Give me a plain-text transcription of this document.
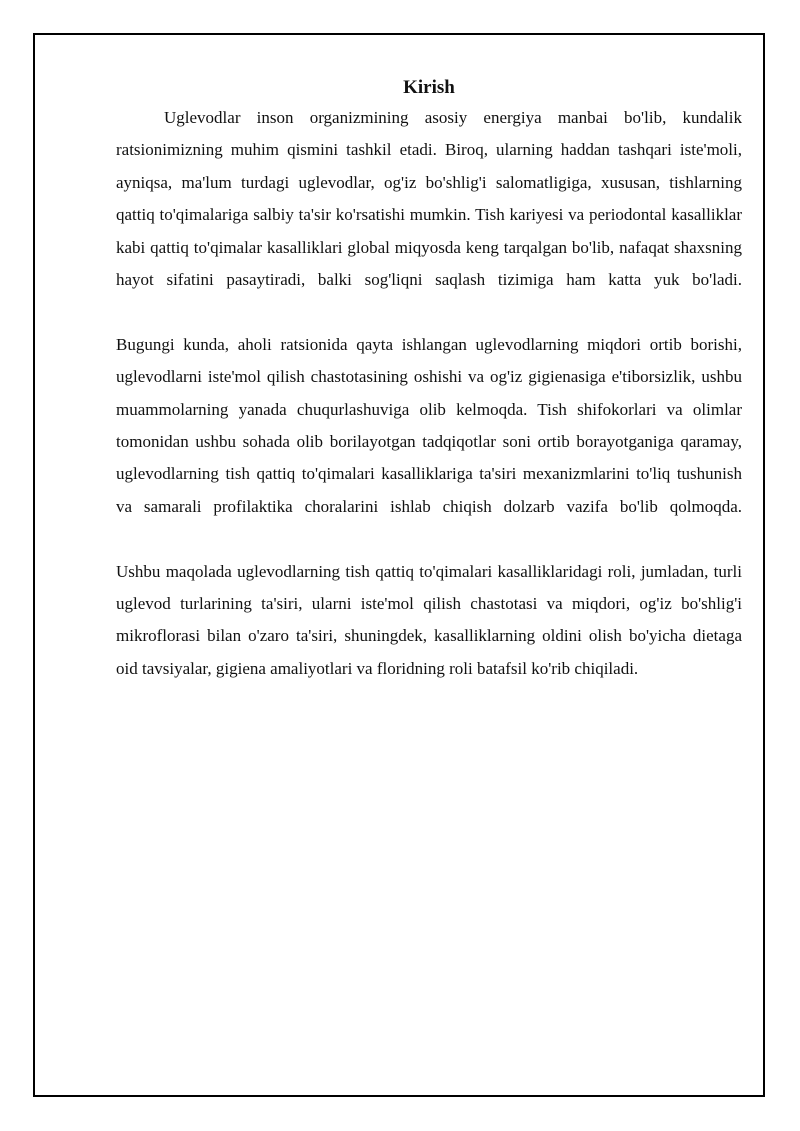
Kirish

Uglevodlar inson organizmining asosiy energiya manbai bo'lib, kundalik ratsionimizning muhim qismini tashkil etadi. Biroq, ularning haddan tashqari iste'moli, ayniqsa, ma'lum turdagi uglevodlar, og'iz bo'shlig'i salomatligiga, xususan, tishlarning qattiq to'qimalariga salbiy ta'sir ko'rsatishi mumkin. Tish kariyesi va periodontal kasalliklar kabi qattiq to'qimalar kasalliklari global miqyosda keng tarqalgan bo'lib, nafaqat shaxsning hayot sifatini pasaytiradi, balki sog'liqni saqlash tizimiga ham katta yuk bo'ladi.

Bugungi kunda, aholi ratsionida qayta ishlangan uglevodlarning miqdori ortib borishi, uglevodlarni iste'mol qilish chastotasining oshishi va og'iz gigienasiga e'tiborsizlik, ushbu muammolarning yanada chuqurlashuviga olib kelmoqda. Tish shifokorlari va olimlar tomonidan ushbu sohada olib borilayotgan tadqiqotlar soni ortib borayotganiga qaramay, uglevodlarning tish qattiq to'qimalari kasalliklariga ta'siri mexanizmlarini to'liq tushunish va samarali profilaktika choralarini ishlab chiqish dolzarb vazifa bo'lib qolmoqda.

Ushbu maqolada uglevodlarning tish qattiq to'qimalari kasalliklaridagi roli, jumladan, turli uglevod turlarining ta'siri, ularni iste'mol qilish chastotasi va miqdori, og'iz bo'shlig'i mikroflorasi bilan o'zaro ta'siri, shuningdek, kasalliklarning oldini olish bo'yicha dietaga oid tavsiyalar, gigiena amaliyotlari va floridning roli batafsil ko'rib chiqiladi.
